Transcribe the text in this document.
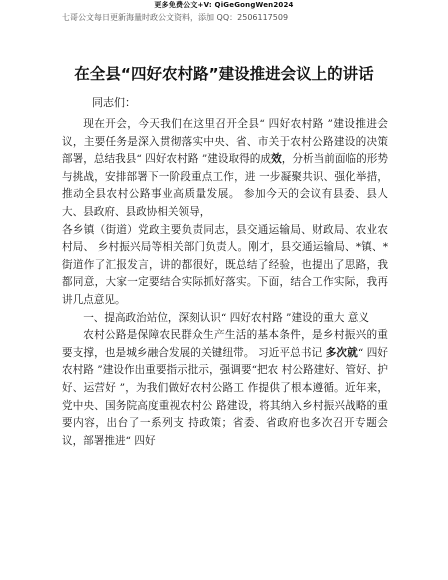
更多免费公文+V: QiGeGongWen2024
七哥公文每日更新海量时政公文资料，添加 QQ：2506117509
在全县“四好农村路”建设推进会议上的讲话
同志们：

现在开会，今天我们在这里召开全县“ 四好农村路 ”建设推进会议，主要任务是深入贯彻落实中央、省、市关于农村公路建设的决策部署，总结我县“ 四好农村路 ”建设取得的成效，分析当前面临的形势与挑战，安排部署下一阶段重点工作，进 一步凝聚共识、强化举措，推动全县农村公路事业高质量发展。 参加今天的会议有县委、县人大、县政府、县政协相关领导，

各乡镇（街道）党政主要负责同志，县交通运输局、财政局、农业农村局、 乡村振兴局等相关部门负责人。刚才，县交通运输局、*镇、*街道作了汇报发言，讲的都很好，既总结了经验，也提出了思路，我都同意，大家一定要结合实际抓好落实。下面，结合工作实际，我再讲几点意见。

一、提高政治站位，深刻认识“ 四好农村路 ”建设的重大 意义

农村公路是保障农民群众生产生活的基本条件，是乡村振兴的重要支撑，也是城乡融合发展的关键纽带。 习近平总书记 多次就“ 四好农村路 ”建设作出重要指示批示，强调要“把农 村公路建好、管好、护好、运营好 ”，为我们做好农村公路工 作提供了根本遵循。近年来，党中央、国务院高度重视农村公 路建设，将其纳入乡村振兴战略的重要内容，出台了一系列支 持政策；省委、省政府也多次召开专题会议，部署推进“ 四好
